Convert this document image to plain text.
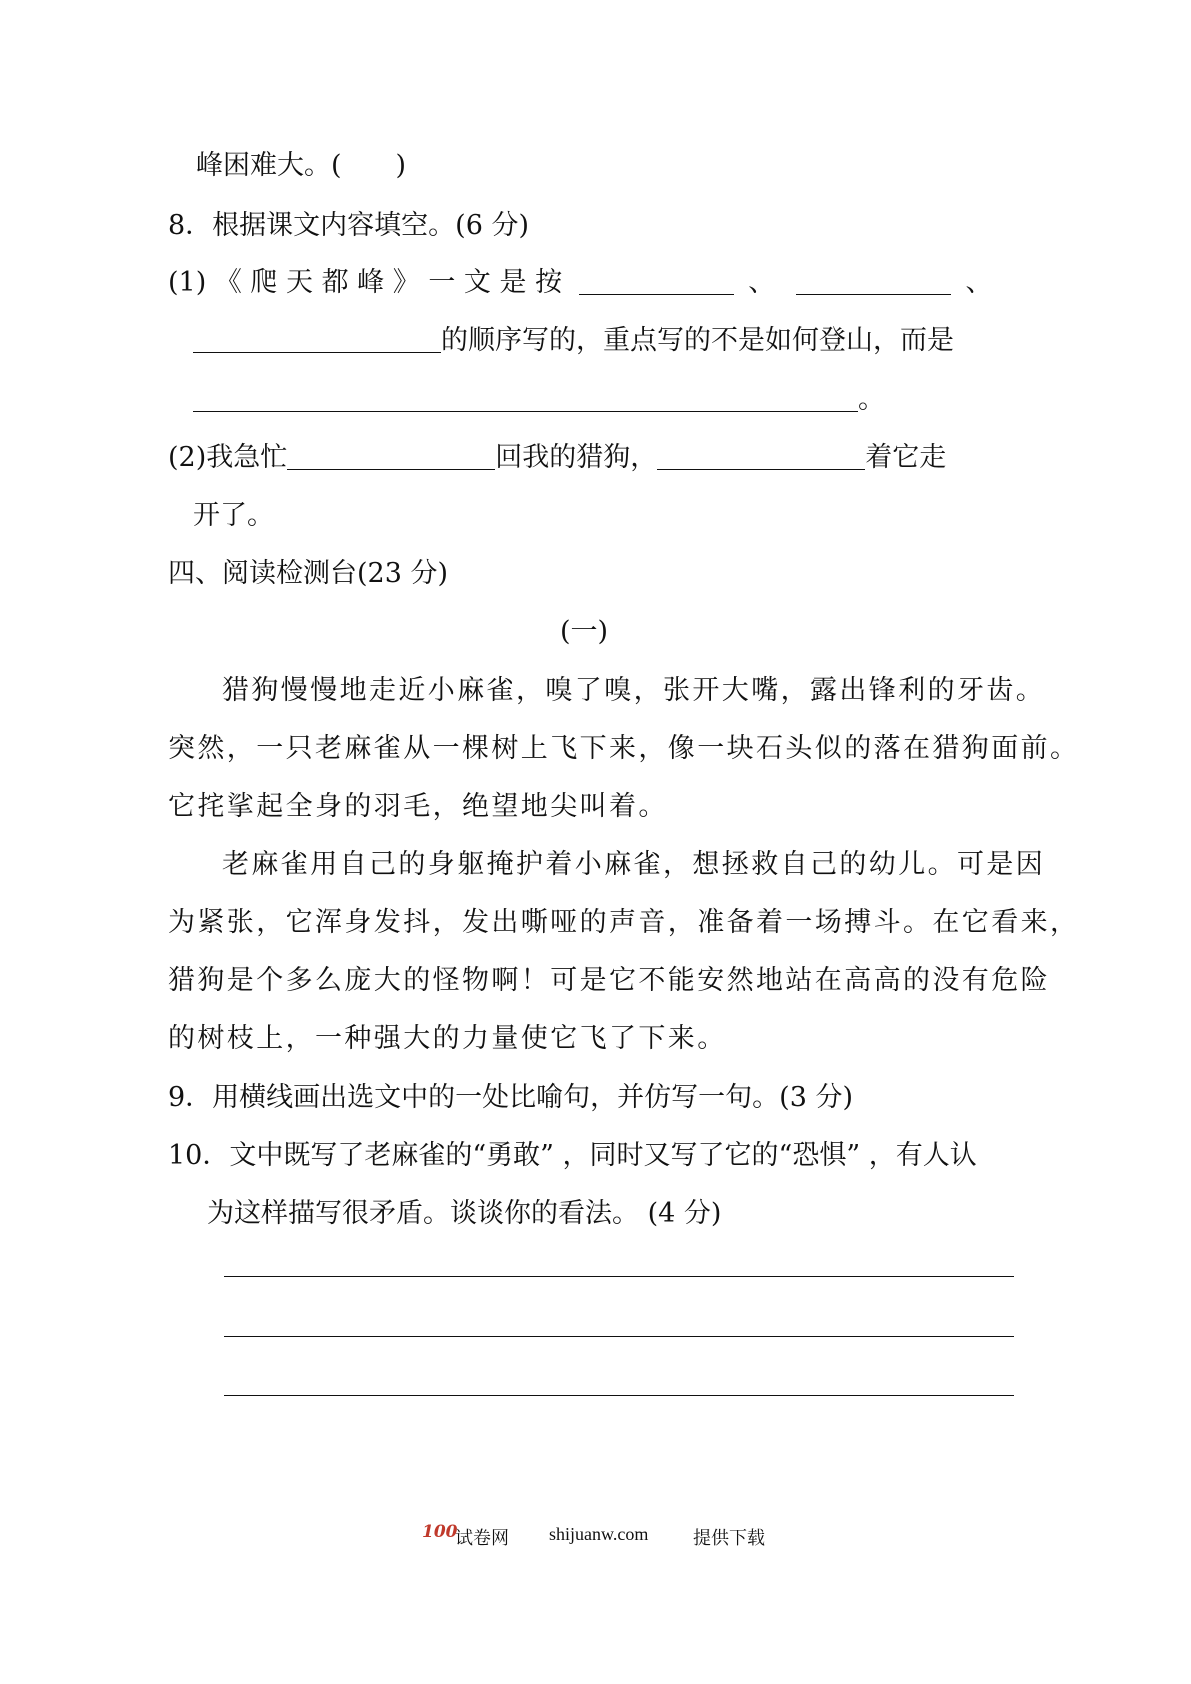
峰困难大。(　　)
8．根据课文内容填空。(6 分)
(1) 《 爬 天 都 峰 》 一 文 是 按	、	、
的顺序写的，重点写的不是如何登山，而是
。
(2)我急忙	回我的猎狗，	着它走
开了。
四、阅读检测台(23 分)
(一)
猎狗慢慢地走近小麻雀，嗅了嗅，张开大嘴，露出锋利的牙齿。
突然，一只老麻雀从一棵树上飞下来，像一块石头似的落在猎狗面前。
它挓挲起全身的羽毛，绝望地尖叫着。
老麻雀用自己的身躯掩护着小麻雀，想拯救自己的幼儿。可是因
为紧张，它浑身发抖，发出嘶哑的声音，准备着一场搏斗。在它看来，
猎狗是个多么庞大的怪物啊！可是它不能安然地站在高高的没有危险
的树枝上，一种强大的力量使它飞了下来。
9．用横线画出选文中的一处比喻句，并仿写一句。(3 分)
10．文中既写了老麻雀的“勇敢” ，同时又写了它的“恐惧” ，有人认
为这样描写很矛盾。谈谈你的看法。 (4 分)
100
试卷网 shijuanw.com 提供下载
